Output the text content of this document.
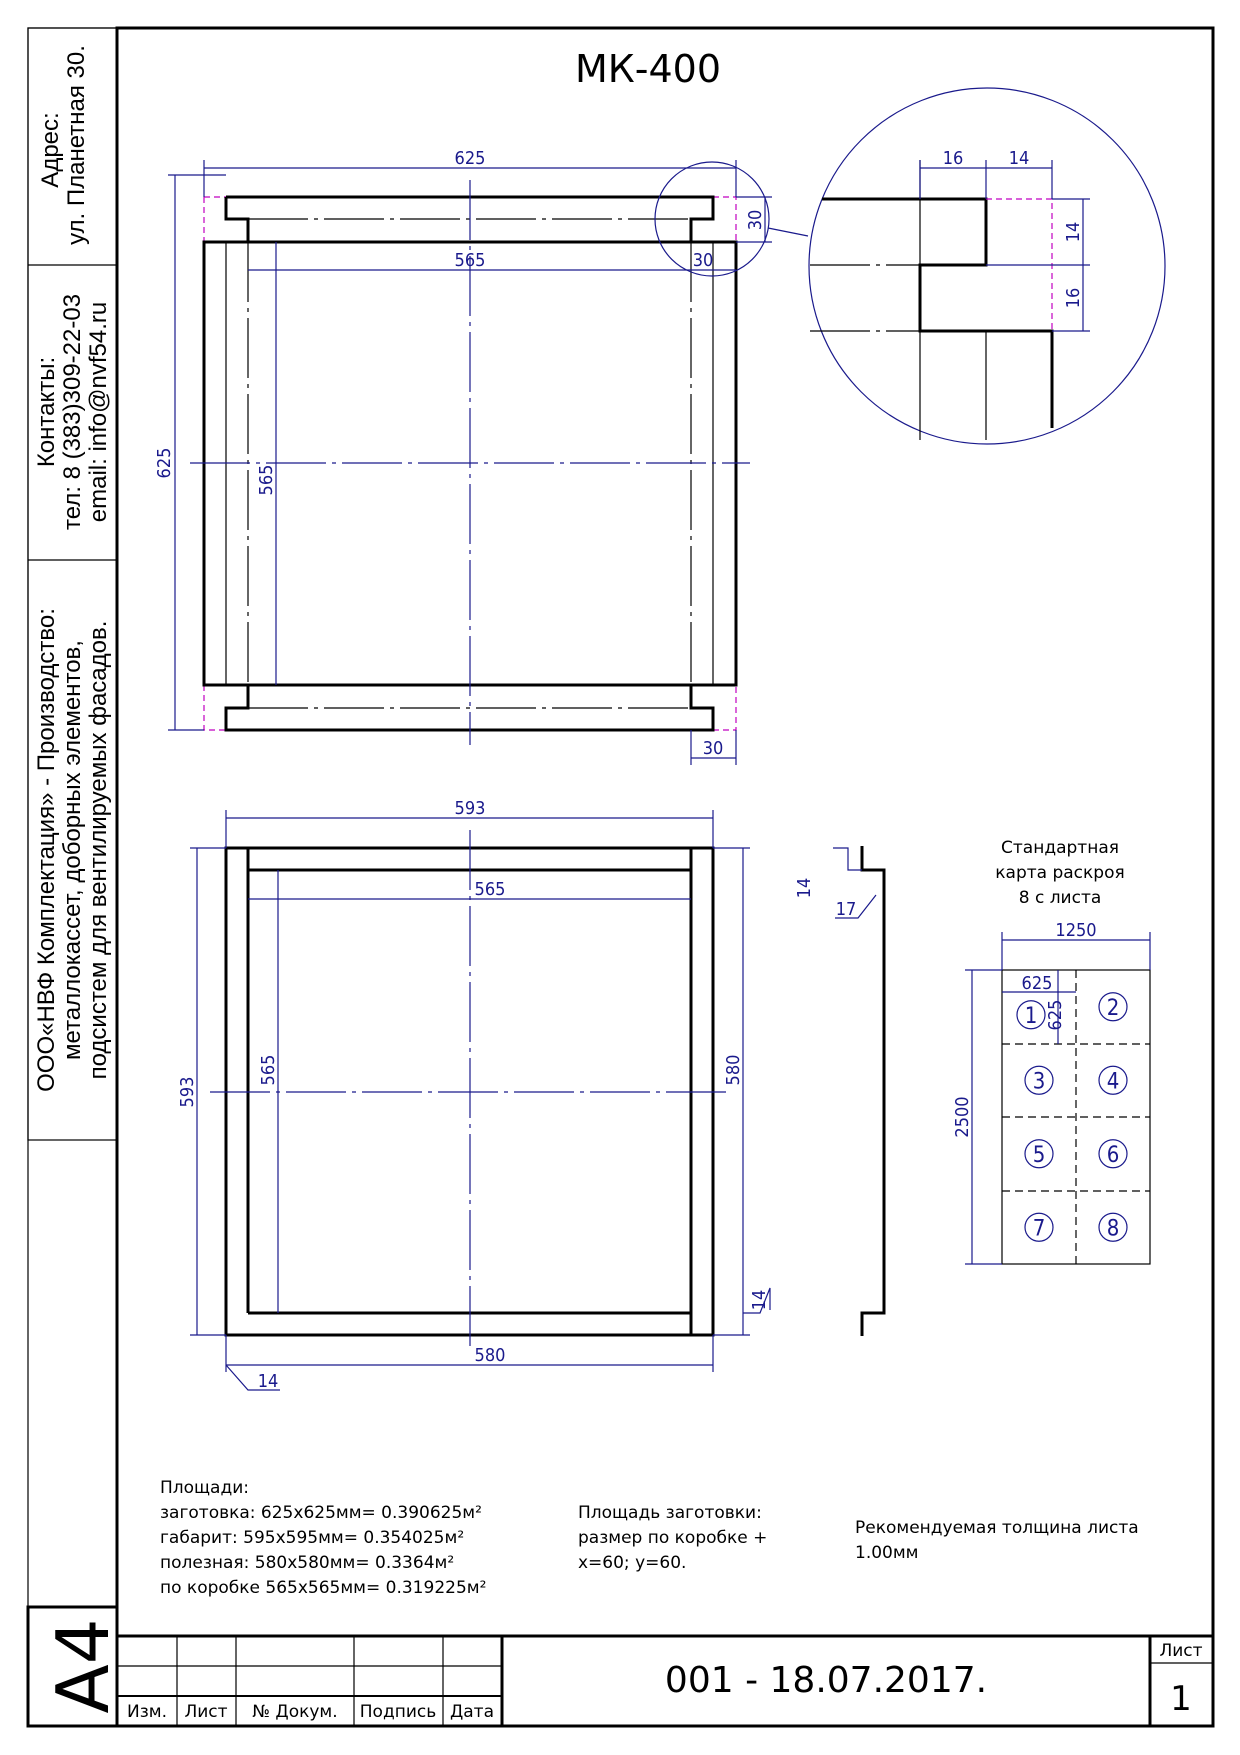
Адрес: ул. Планетная 30.
Контакты: тел: 8 (383)309-22-03 email: info@nvf54.ru
ООО«НВФ Комплектация» - Производство: металлокассет, доборных элементов, подсистем для вентилируемых фасадов.
A4
МК-400
625
625
565
565
30
30
30
16	14
14
16
593
565
593
565	580
580
14
14
14
17
Стандартная
карта раскроя
8 с листа
1250
2500
625
625
1	2
3	4
5	6
7	8
Площади:
заготовка: 625х625мм= 0.390625м²
габарит: 595х595мм= 0.354025м²
полезная: 580х580мм= 0.3364м²
по коробке 565х565мм= 0.319225м²
Площадь заготовки:
размер по коробке +
x=60; y=60.
Рекомендуемая толщина листа
1.00мм
Изм. Лист № Докум. Подпись Дата
001 - 18.07.2017.
Лист
1
